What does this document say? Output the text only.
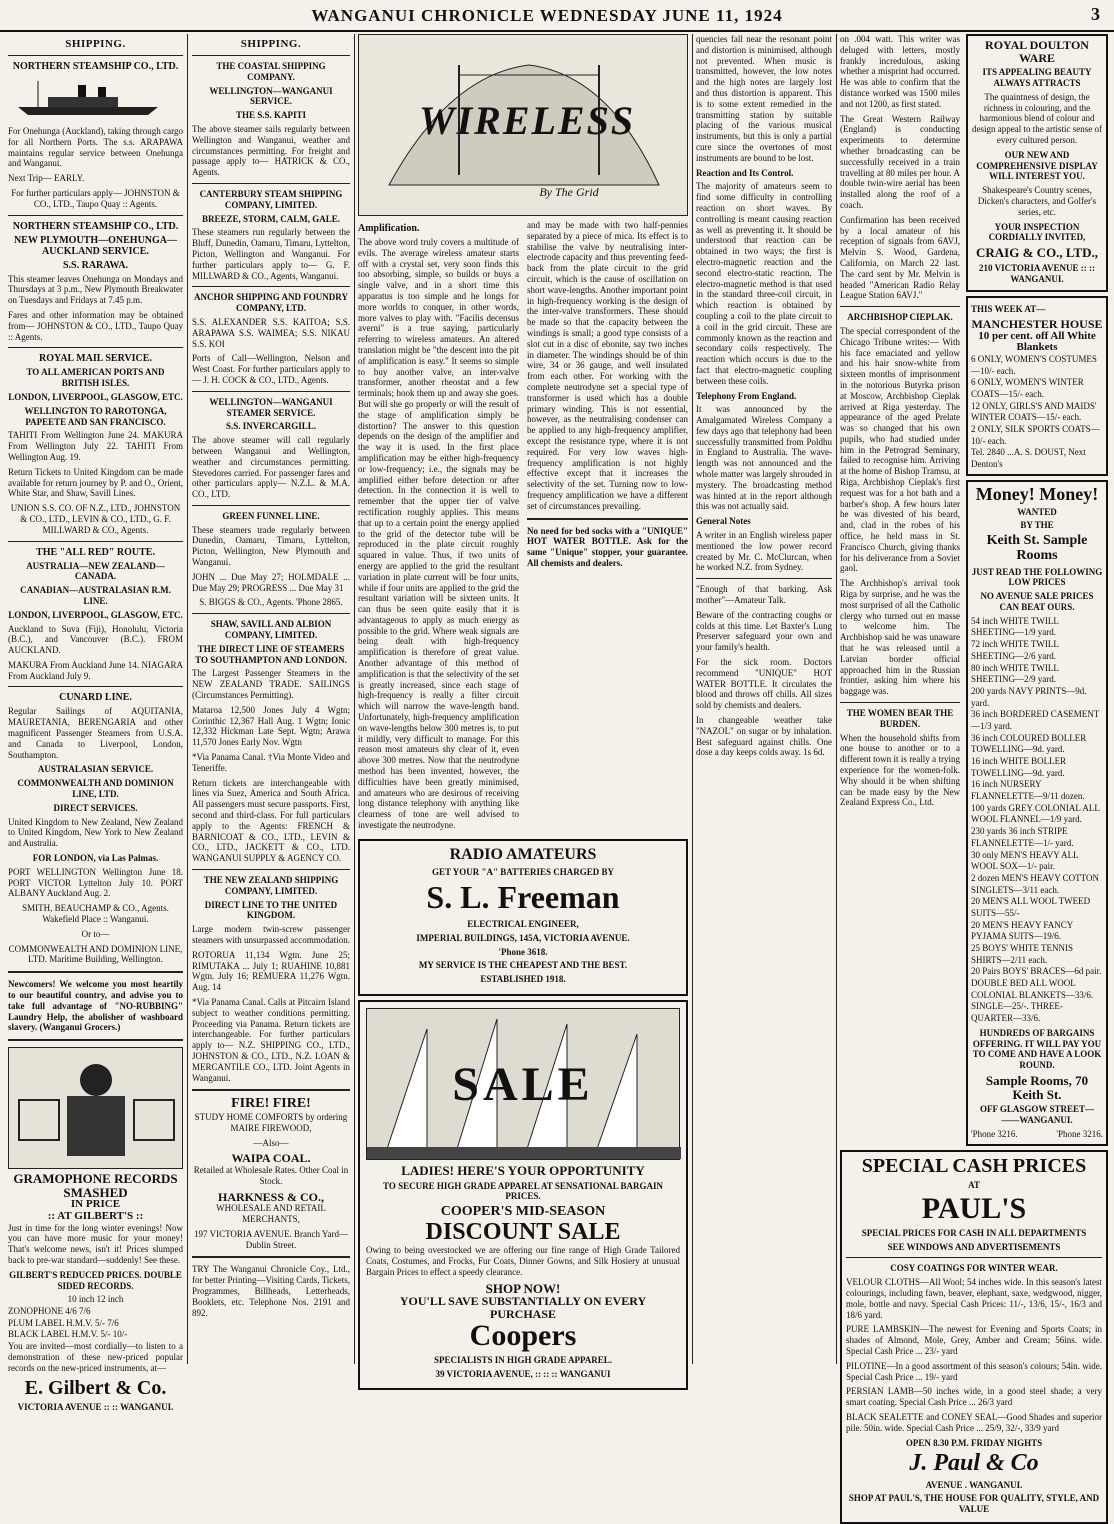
WANGANUI CHRONICLE WEDNESDAY JUNE 11, 1924	3
SHIPPING.
NORTHERN STEAMSHIP CO., LTD.
For Onehunga (Auckland), taking through cargo for all Northern Ports. The s.s. ARAPAWA maintains regular service between Onehunga and Wanganui.
Next Trip— EARLY.
For further particulars apply— JOHNSTON & CO., LTD., Taupo Quay :: Agents.
NORTHERN STEAMSHIP CO., LTD.
NEW PLYMOUTH—ONEHUNGA—AUCKLAND SERVICE.
S.S. RARAWA.
This steamer leaves Onehunga on Mondays and Thursdays at 3 p.m., New Plymouth Breakwater on Tuesdays and Fridays at 7.45 p.m.
Fares and other information may be obtained from— JOHNSTON & CO., LTD., Taupo Quay :: Agents.
ROYAL MAIL SERVICE.
TO ALL AMERICAN PORTS AND BRITISH ISLES.
LONDON, LIVERPOOL, GLASGOW, ETC.
WELLINGTON TO RAROTONGA, PAPEETE AND SAN FRANCISCO.
TAHITI From Wellington June 24. MAKURA From Wellington July 22. TAHITI From Wellington Aug. 19.
Return Tickets to United Kingdom can be made available for return journey by P. and O., Orient, White Star, and Shaw, Savill Lines.
UNION S.S. CO. OF N.Z., LTD., JOHNSTON & CO., LTD., LEVIN & CO., LTD., G. F. MILLWARD & CO., Agents.
THE "ALL RED" ROUTE.
AUSTRALIA—NEW ZEALAND—CANADA.
CANADIAN—AUSTRALASIAN R.M. LINE.
LONDON, LIVERPOOL, GLASGOW, ETC.
Auckland to Suva (Fiji), Honolulu, Victoria (B.C.), and Vancouver (B.C.). FROM AUCKLAND.
MAKURA From Auckland June 14. NIAGARA From Auckland July 9.
CUNARD LINE.
Regular Sailings of AQUITANIA, MAURETANIA, BERENGARIA and other magnificent Passenger Steamers from U.S.A. and Canada to Liverpool, London, Southampton.
AUSTRALASIAN SERVICE.
COMMONWEALTH AND DOMINION LINE, LTD.
DIRECT SERVICES.
United Kingdom to New Zealand, New Zealand to United Kingdom, New York to New Zealand and Australia.
FOR LONDON, via Las Palmas.
PORT WELLINGTON Wellington June 18. PORT VICTOR Lyttelton July 10. PORT ALBANY Auckland Aug. 2.
SMITH, BEAUCHAMP & CO., Agents. Wakefield Place :: Wanganui.
Or to—
COMMONWEALTH AND DOMINION LINE, LTD. Maritime Building, Wellington.
Newcomers! We welcome you most heartily to our beautiful country, and advise you to take full advantage of "NO-RUBBING" Laundry Help, the abolisher of washboard slavery. (Wanganui Grocers.)
GRAMOPHONE RECORDS SMASHED
IN PRICE
:: AT GILBERT'S ::
Just in time for the long winter evenings! Now you can have more music for your money! That's welcome news, isn't it! Prices slumped back to pre-war standard—suddenly! See these.
GILBERT'S REDUCED PRICES. DOUBLE SIDED RECORDS.
10 inch 12 inch
ZONOPHONE 4/6 7/6
PLUM LABEL H.M.V. 5/- 7/6
BLACK LABEL H.M.V. 5/- 10/-
You are invited—most cordially—to listen to a demonstration of these new-priced popular records on the new-priced instruments, at—
E. Gilbert & Co.
VICTORIA AVENUE :: :: WANGANUI.
SHIPPING.
THE COASTAL SHIPPING COMPANY.
WELLINGTON—WANGANUI SERVICE.
THE S.S. KAPITI
The above steamer sails regularly between Wellington and Wanganui, weather and circumstances permitting. For freight and passage apply to— HATRICK & CO., Agents.
CANTERBURY STEAM SHIPPING COMPANY, LIMITED.
BREEZE, STORM, CALM, GALE.
These steamers run regularly between the Bluff, Dunedin, Oamaru, Timaru, Lyttelton, Picton, Wellington and Wanganui. For further particulars apply to— G. F. MILLWARD & CO., Agents, Wanganui.
ANCHOR SHIPPING AND FOUNDRY COMPANY, LTD.
S.S. ALEXANDER S.S. KAITOA; S.S. ARAPAWA S.S. WAIMEA; S.S. NIKAU S.S. KOI
Ports of Call—Wellington, Nelson and West Coast. For further particulars apply to— J. H. COCK & CO., LTD., Agents.
WELLINGTON—WANGANUI STEAMER SERVICE.
S.S. INVERCARGILL.
The above steamer will call regularly between Wanganui and Wellington, weather and circumstances permitting. Stevedores carried. For passenger fares and other particulars apply— N.Z.L. & M.A. CO., LTD.
GREEN FUNNEL LINE.
These steamers trade regularly between Dunedin, Oamaru, Timaru, Lyttelton, Picton, Wellington, New Plymouth and Wanganui.
JOHN ... Due May 27; HOLMDALE ... Due May 29; PROGRESS ... Due May 31
S. BIGGS & CO., Agents. 'Phone 2865.
SHAW, SAVILL AND ALBION COMPANY, LIMITED.
THE DIRECT LINE OF STEAMERS TO SOUTHAMPTON AND LONDON.
The Largest Passenger Steamers in the NEW ZEALAND TRADE. SAILINGS (Circumstances Permitting).
Mataroa 12,500 Jones July 4 Wgtn; Corinthic 12,367 Hall Aug. 1 Wgtn; Ionic 12,332 Hickman Late Sept. Wgtn; Arawa 11,570 Jones Early Nov. Wgtn
*Via Panama Canal. †Via Monte Video and Teneriffe.
Return tickets are interchangeable with lines via Suez, America and South Africa. All passengers must secure passports. First, second and third-class. For full particulars apply to the Agents: FRENCH & BARNICOAT & CO., LTD., LEVIN & CO., LTD., JACKETT & CO., LTD. WANGANUI SUPPLY & AGENCY CO.
THE NEW ZEALAND SHIPPING COMPANY, LIMITED.
DIRECT LINE TO THE UNITED KINGDOM.
Large modern twin-screw passenger steamers with unsurpassed accommodation.
ROTORUA 11,134 Wgtn. June 25; RIMUTAKA ... July 1; RUAHINE 10,881 Wgtn. July 16; REMUERA 11,276 Wgtn. Aug. 14
*Via Panama Canal. Calls at Pitcairn Island subject to weather conditions permitting. Proceeding via Panama. Return tickets are interchangeable. For further particulars apply to— N.Z. SHIPPING CO., LTD., JOHNSTON & CO., LTD., N.Z. LOAN & MERCANTILE CO., LTD. Joint Agents in Wanganui.
FIRE! FIRE!
STUDY HOME COMFORTS by ordering MAIRE FIREWOOD,
—Also—
WAIPA COAL.
Retailed at Wholesale Rates. Other Coal in Stock.
HARKNESS & CO.,
WHOLESALE AND RETAIL MERCHANTS,
197 VICTORIA AVENUE. Branch Yard—Dublin Street.
TRY The Wanganui Chronicle Coy., Ltd., for better Printing—Visiting Cards, Tickets, Programmes, Billheads, Letterheads, Booklets, etc. Telephone Nos. 2191 and 892.
WIRELESS
By The Grid
Amplification.
The above word truly covers a multitude of evils. The average wireless amateur starts off with a crystal set, very soon finds this too absorbing, simple, so builds or buys a single valve, and in a short time this apparatus is too simple and he longs for more worlds to conquer, in other words, more valves to play with. "Facilis decensus averni" is a true saying, particularly referring to wireless amateurs. An altered translation might be "the descent into the pit of amplification is easy." It seems so simple to buy another valve, an inter-valve transformer, another rheostat and a few terminals; hook them up and away she goes. But will she go properly or will the result of the stage of amplification simply be distortion? The answer to this question depends on the design of the amplifier and the way it is used. In the first place amplification may be either high-frequency or low-frequency; i.e., the signals may be amplified either before detection or after detection. In the connection it is well to remember that the upper tier of valve rectification roughly applies. This means that up to a certain point the energy applied to the grid of the detector tube will be reproduced in the plate circuit roughly squared in value. Thus, if two units of energy are applied to the grid the resultant variation in plate current will be four units, while if four units are applied to the grid the resultant variation will be sixteen units. It can thus be seen quite easily that it is advantageous to apply as much energy as possible to the grid. Where weak signals are being dealt with high-frequency amplification is therefore of great value. Another advantage of this method of amplification is that the selectivity of the set is greatly increased, since each stage of high-frequency is really a filter circuit which will narrow the wave-length band. Unfortunately, high-frequency amplification on wave-lengths below 300 metres is, to put it mildly, very difficult to manage. For this reason most amateurs shy clear of it, even above 300 metres. Now that the neutrodyne method has been invented, however, the difficulties have been greatly minimised, and amateurs who are desirous of receiving long distance telephony with anything like clearness of tone are well advised to investigate the neutrodyne.
and may be made with two half-pennies separated by a piece of mica. Its effect is to stabilise the valve by neutralising inter-electrode capacity and thus preventing feed-back from the plate circuit to the grid circuit, which is the cause of oscillation on short wave-lengths. Another important point in high-frequency working is the design of the inter-valve transformers. These should be made so that the capacity between the windings is small; a good type consists of a slot cut in a disc of ebonite, say two inches in diameter. The windings should be of thin wire, 34 or 36 gauge, and well insulated from each other. For working with the complete neutrodyne set a special type of transformer is used which has a double primary winding. This is not essential, however, as the neutralising condenser can be applied to any high-frequency amplifier, except the resistance type, where it is not required. For very low waves high-frequency amplification is not highly effective except that it increases the selectivity of the set. Turning now to low-frequency amplification we have a different set of circumstances prevailing.
No need for bed socks with a "UNIQUE" HOT WATER BOTTLE. Ask for the same "Unique" stopper, your guarantee. All chemists and dealers.
RADIO AMATEURS
GET YOUR "A" BATTERIES CHARGED BY
S. L. Freeman
ELECTRICAL ENGINEER,
IMPERIAL BUILDINGS, 145A, VICTORIA AVENUE.
'Phone 3618.
MY SERVICE IS THE CHEAPEST AND THE BEST.
ESTABLISHED 1918.
SALE
LADIES! HERE'S YOUR OPPORTUNITY
TO SECURE HIGH GRADE APPAREL AT SENSATIONAL BARGAIN PRICES.
COOPER'S MID-SEASON
DISCOUNT SALE
Owing to being overstocked we are offering our fine range of High Grade Tailored Coats, Costumes, and Frocks, Fur Coats, Dinner Gowns, and Silk Hosiery at unusual Bargain Prices to effect a speedy clearance.
SHOP NOW!
YOU'LL SAVE SUBSTANTIALLY ON EVERY PURCHASE
Coopers
SPECIALISTS IN HIGH GRADE APPAREL.
39 VICTORIA AVENUE, :: :: :: WANGANUI
quencies fall near the resonant point and distortion is minimised, although not prevented. When music is transmitted, however, the low notes and the high notes are largely lost and thus distortion is apparent. This is to some extent remedied in the transmitting station by suitable placing of the various musical instruments, but this is only a partial cure since the overtones of most instruments are bound to be lost.
Reaction and Its Control.
The majority of amateurs seem to find some difficulty in controlling reaction on short waves. By controlling is meant causing reaction as well as preventing it. It should be understood that reaction can be obtained in two ways; the first is electro-magnetic reaction and the second electro-static reaction. The electro-magnetic method is that used in the standard three-coil circuit, in which reaction is obtained by coupling a coil to the plate circuit to a coil in the grid circuit. These are commonly known as the reaction and secondary coils respectively. The reaction which occurs is due to the fact that electro-magnetic coupling between these coils.
Telephony From England.
It was announced by the Amalgamated Wireless Company a few days ago that telephony had been successfully transmitted from Poldhu in England to Australia. The wave-length was not announced and the whole matter was largely shrouded in mystery. The broadcasting method was hinted at in the report although this was not actually said.
General Notes
A writer in an English wireless paper mentioned the low power record created by Mr. C. McClurcan, when he worked N.Z. from Sydney.
"Enough of that barking. Ask mother"—Amateur Talk.
Beware of the contracting coughs or colds at this time. Let Baxter's Lung Preserver safeguard your own and your family's health.
For the sick room. Doctors recommend "UNIQUE" HOT WATER BOTTLE. It circulates the blood and throws off chills. All sizes sold by chemists and dealers.
In changeable weather take "NAZOL" on sugar or by inhalation. Best safeguard against chills. One dose a day keeps colds away. 1s 6d.
on .004 watt. This writer was deluged with letters, mostly frankly incredulous, asking whether a misprint had occurred. He was able to confirm that the distance worked was 1500 miles and not 1200, as first stated.
The Great Western Railway (England) is conducting experiments to determine whether broadcasting can be successfully received in a train travelling at 80 miles per hour. A double twin-wire aerial has been installed along the roof of a coach.
Confirmation has been received by a local amateur of his reception of signals from 6AVJ, Melvin S. Wood, Gardena, California, on March 22 last. The card sent by Mr. Melvin is headed "American Radio Relay League Station 6AVJ."
ARCHBISHOP CIEPLAK.
The special correspondent of the Chicago Tribune writes:— With his face emaciated and yellow and his hair snow-white from sixteen months of imprisonment in the notorious Butyrka prison at Moscow, Archbishop Cieplak arrived at Riga yesterday. The appearance of the aged Prelate was so changed that his own pupils, who had studied under him in the Petrograd Seminary, failed to recognise him. Arriving at the home of Bishop Tramsu, at Riga, Archbishop Cieplak's first request was for a hot bath and a barber's shop. A few hours later he was divested of his beard, and, clad in the robes of his office, he held mass in St. Francisco Church, giving thanks for his deliverance from a Soviet gaol.
The Archbishop's arrival took Riga by surprise, and he was the most surprised of all the Catholic clergy who turned out en masse to welcome him. The Archbishop said he was unaware that he was released until a Latvian border official approached him in the Russian frontier, asking him where his baggage was.
THE WOMEN BEAR THE BURDEN.
When the household shifts from one house to another or to a different town it is really a trying experience for the women-folk. Why should it be when shifting can be made easy by the New Zealand Express Co., Ltd.
ROYAL DOULTON WARE
ITS APPEALING BEAUTY ALWAYS ATTRACTS
The quaintness of design, the richness in colouring, and the harmonious blend of colour and design appeal to the artistic sense of every cultured person.
OUR NEW AND COMPREHENSIVE DISPLAY WILL INTEREST YOU.
Shakespeare's Country scenes, Dicken's characters, and Golfer's series, etc.
YOUR INSPECTION CORDIALLY INVITED,
CRAIG & CO., LTD.,
210 VICTORIA AVENUE :: :: WANGANUI.
THIS WEEK AT—
MANCHESTER HOUSE
10 per cent. off All White Blankets
6 ONLY, WOMEN'S COSTUMES—10/- each.
6 ONLY, WOMEN'S WINTER COATS—15/- each.
12 ONLY, GIRLS'S AND MAIDS' WINTER COATS—15/- each.
2 ONLY, SILK SPORTS COATS—10/- each.
Tel. 2840 ...A. S. DOUST, Next Denton's
Money! Money!
WANTED
BY THE
Keith St. Sample Rooms
JUST READ THE FOLLOWING LOW PRICES
NO AVENUE SALE PRICES CAN BEAT OURS.
54 inch WHITE TWILL SHEETING—1/9 yard.
72 inch WHITE TWILL SHEETING—2/6 yard.
80 inch WHITE TWILL SHEETING—2/9 yard.
200 yards NAVY PRINTS—9d. yard.
36 inch BORDERED CASEMENT—1/3 yard.
36 inch COLOURED BOLLER TOWELLING—9d. yard.
16 inch WHITE BOLLER TOWELLING—9d. yard.
16 inch NURSERY FLANNELETTE—9/11 dozen.
100 yards GREY COLONIAL ALL WOOL FLANNEL—1/9 yard.
230 yards 36 inch STRIPE FLANNELETTE—1/- yard.
30 only MEN'S HEAVY ALL WOOL SOX—1/- pair.
2 dozen MEN'S HEAVY COTTON SINGLETS—3/11 each.
20 MEN'S ALL WOOL TWEED SUITS—55/-
20 MEN'S HEAVY FANCY PYJAMA SUITS—19/6.
25 BOYS' WHITE TENNIS SHIRTS—2/11 each.
20 Pairs BOYS' BRACES—6d pair.
DOUBLE BED ALL WOOL COLONIAL BLANKETS—33/6. SINGLE—25/-. THREE-QUARTER—33/6.
HUNDREDS OF BARGAINS OFFERING. IT WILL PAY YOU TO COME AND HAVE A LOOK ROUND.
Sample Rooms, 70 Keith St.
OFF GLASGOW STREET— ——WANGANUI.
'Phone 3216.	'Phone 3216.
SPECIAL CASH PRICES
AT
PAUL'S
SPECIAL PRICES FOR CASH IN ALL DEPARTMENTS
SEE WINDOWS AND ADVERTISEMENTS
COSY COATINGS FOR WINTER WEAR.
VELOUR CLOTHS—All Wool; 54 inches wide. In this season's latest colourings, including fawn, beaver, elephant, saxe, wedgwood, nigger, mole, bottle and navy. Special Cash Prices: 11/-, 13/6, 15/-, 16/3 and 18/6 yard.
PURE LAMBSKIN—The newest for Evening and Sports Coats; in shades of Almond, Mole, Grey, Amber and Cream; 56ins. wide. Special Cash Price ... 23/- yard
PILOTINE—In a good assortment of this season's colours; 54in. wide. Special Cash Price ... 19/- yard
PERSIAN LAMB—50 inches wide, in a good steel shade; a very smart coating. Special Cash Price ... 26/3 yard
BLACK SEALETTE and CONEY SEAL—Good Shades and superior pile. 50in. wide. Special Cash Price ... 25/9, 32/-, 33/9 yard
OPEN 8.30 P.M. FRIDAY NIGHTS
J. Paul & Co
AVENUE . WANGANUI.
SHOP AT PAUL'S, THE HOUSE FOR QUALITY, STYLE, AND VALUE
